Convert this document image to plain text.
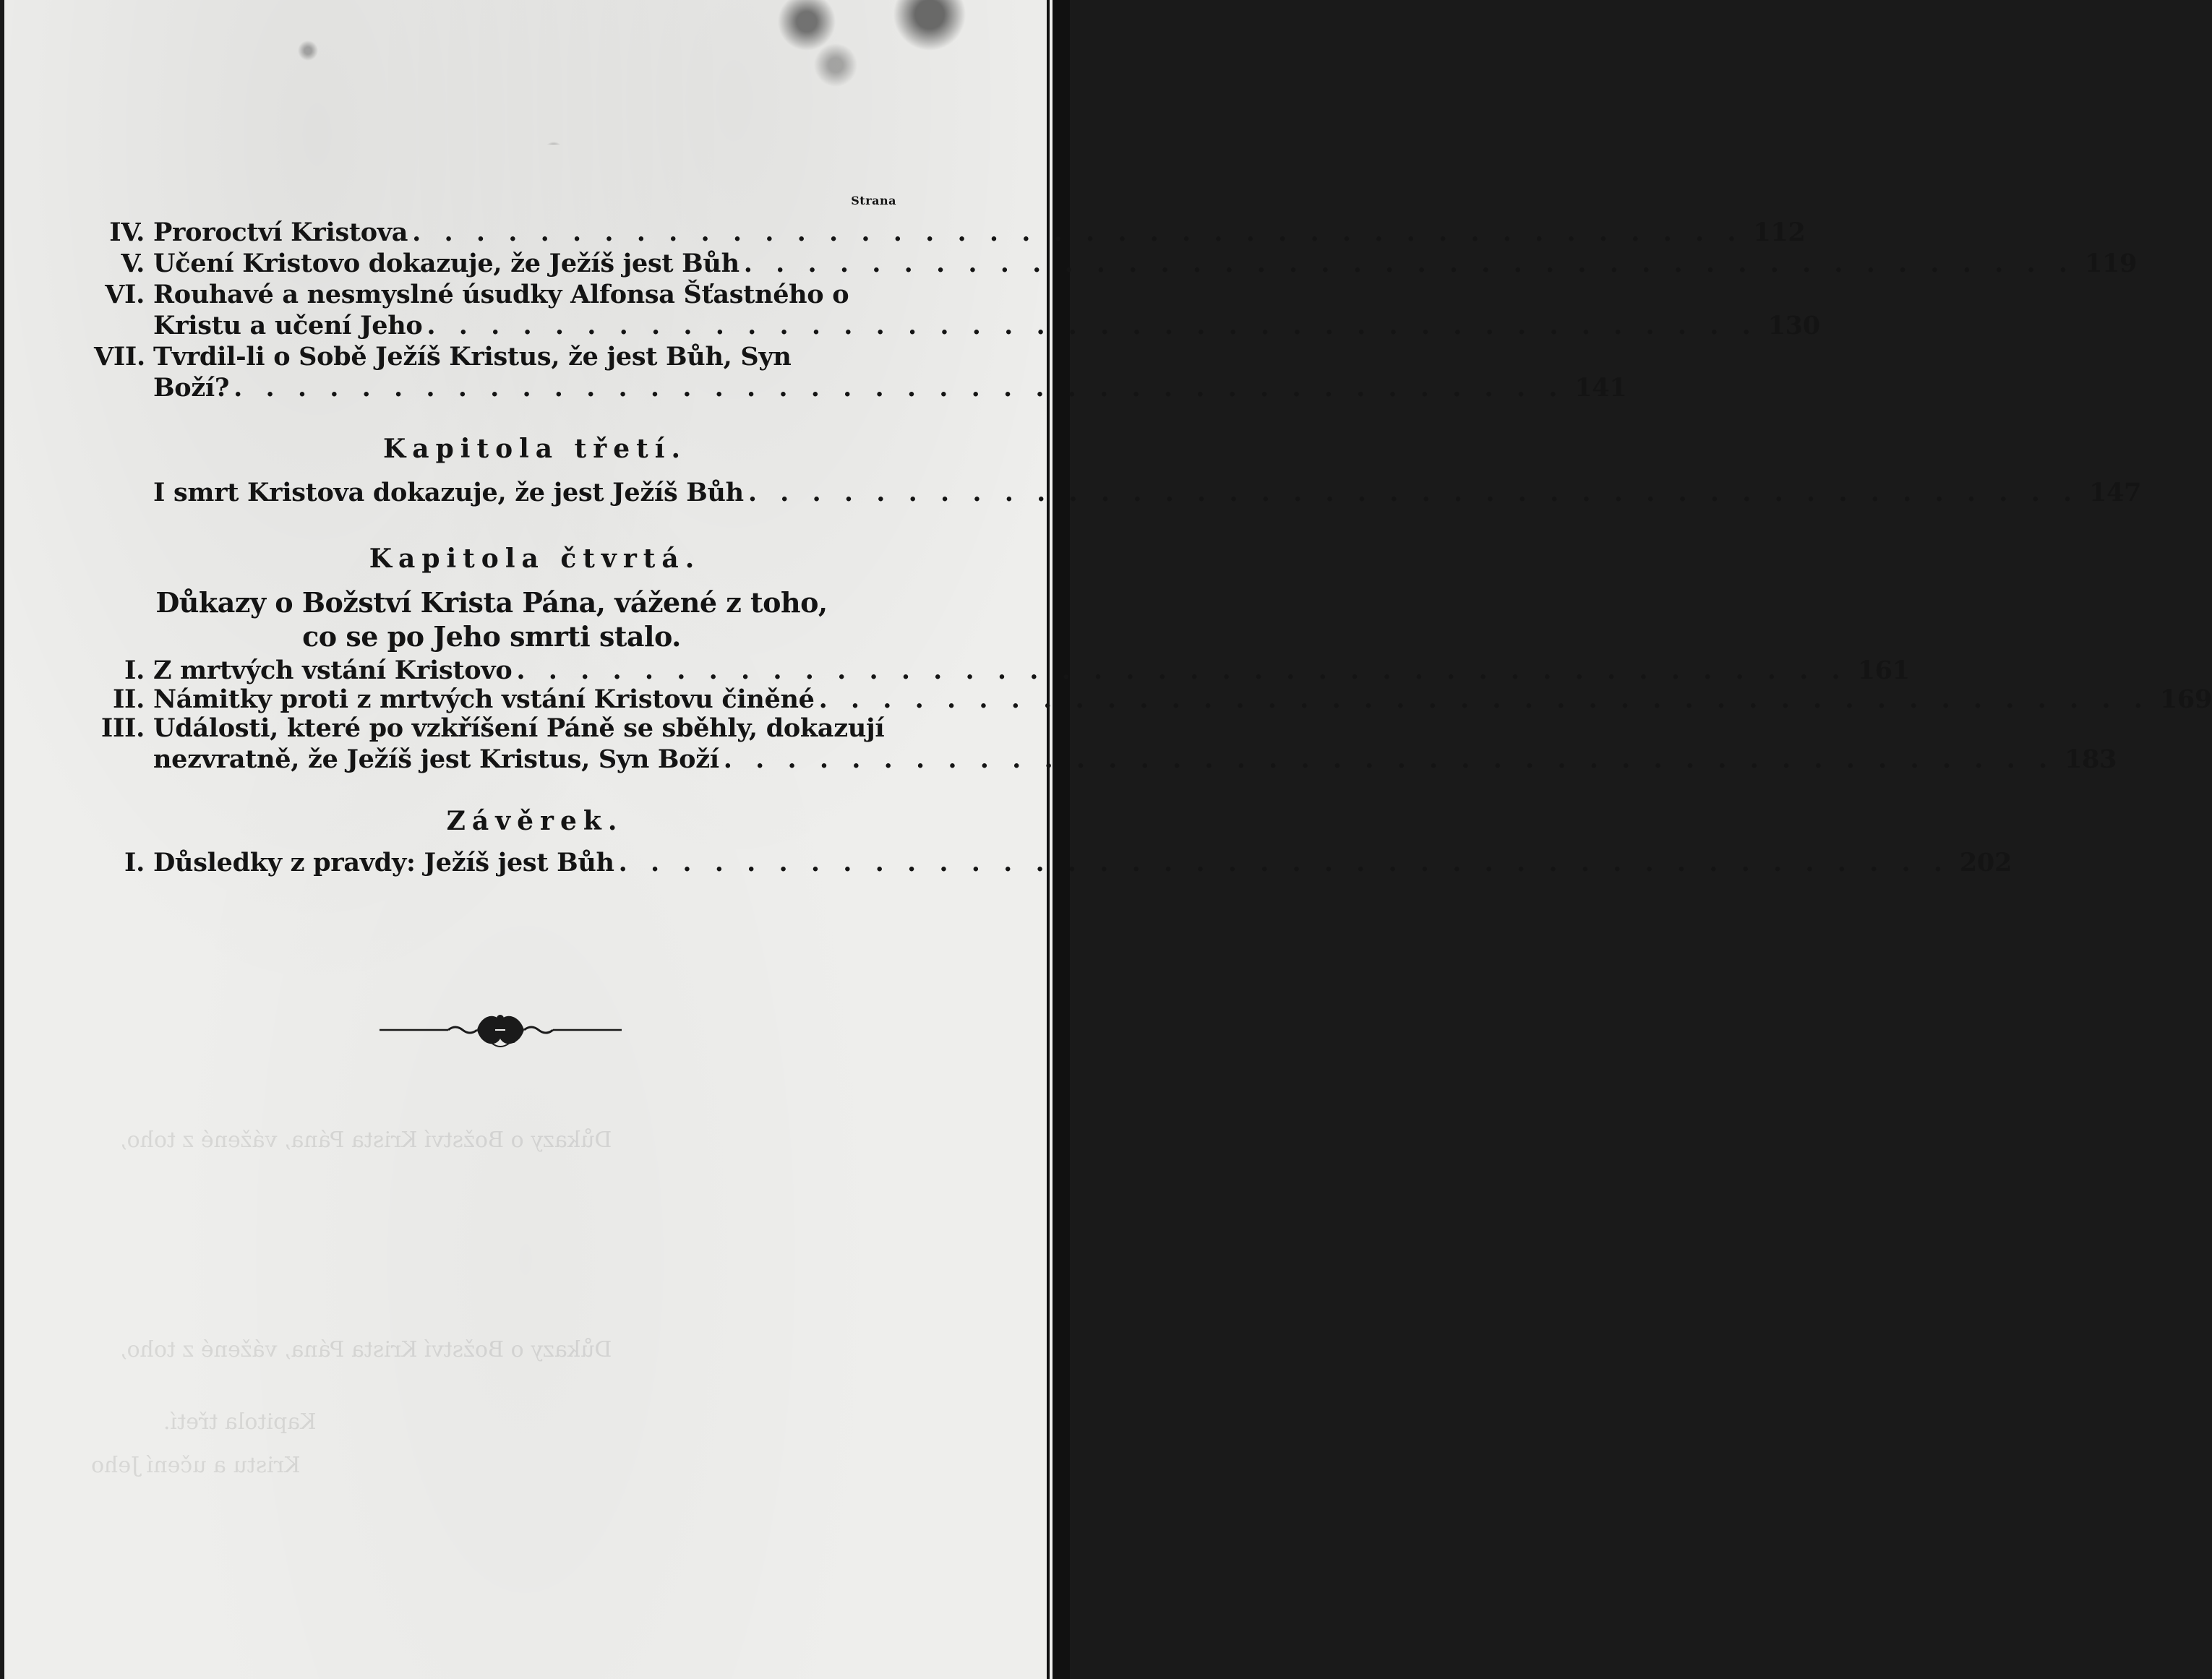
Důkazy o Božství Krista Pána, vážené z toho,
Důkazy o Božství Krista Pána, vážené z toho,
Kapitola třetí.
Kristu a učení Jeho
Strana
IV. Proroctví Kristova . . . . . . . . . . . . . . . . . . . . . . . . . . . . . . . . . . . . . . . . . . 112
V. Učení Kristovo dokazuje, že Ježíš jest Bůh . . . . . . . . . . . . . . . . . . . . . . . . . . . . . . . . . . . . . . . . . . 119
VI. Rouhavé a nesmyslné úsudky Alfonsa Šťastného o
Kristu a učení Jeho . . . . . . . . . . . . . . . . . . . . . . . . . . . . . . . . . . . . . . . . . . 130
VII. Tvrdil-li o Sobě Ježíš Kristus, že jest Bůh, Syn
Boží? . . . . . . . . . . . . . . . . . . . . . . . . . . . . . . . . . . . . . . . . . . 141
Kapitola třetí.
I smrt Kristova dokazuje, že jest Ježíš Bůh . . . . . . . . . . . . . . . . . . . . . . . . . . . . . . . . . . . . . . . . . . 147
Kapitola čtvrtá.
Důkazy o Božství Krista Pána, vážené z toho,
co se po Jeho smrti stalo.
I. Z mrtvých vstání Kristovo . . . . . . . . . . . . . . . . . . . . . . . . . . . . . . . . . . . . . . . . . . 161
II. Námitky proti z mrtvých vstání Kristovu činěné . . . . . . . . . . . . . . . . . . . . . . . . . . . . . . . . . . . . . . . . . . 169
III. Události, které po vzkříšení Páně se sběhly, dokazují
nezvratně, že Ježíš jest Kristus, Syn Boží . . . . . . . . . . . . . . . . . . . . . . . . . . . . . . . . . . . . . . . . . . 183
Závěrek.
I. Důsledky z pravdy: Ježíš jest Bůh . . . . . . . . . . . . . . . . . . . . . . . . . . . . . . . . . . . . . . . . . . 202
